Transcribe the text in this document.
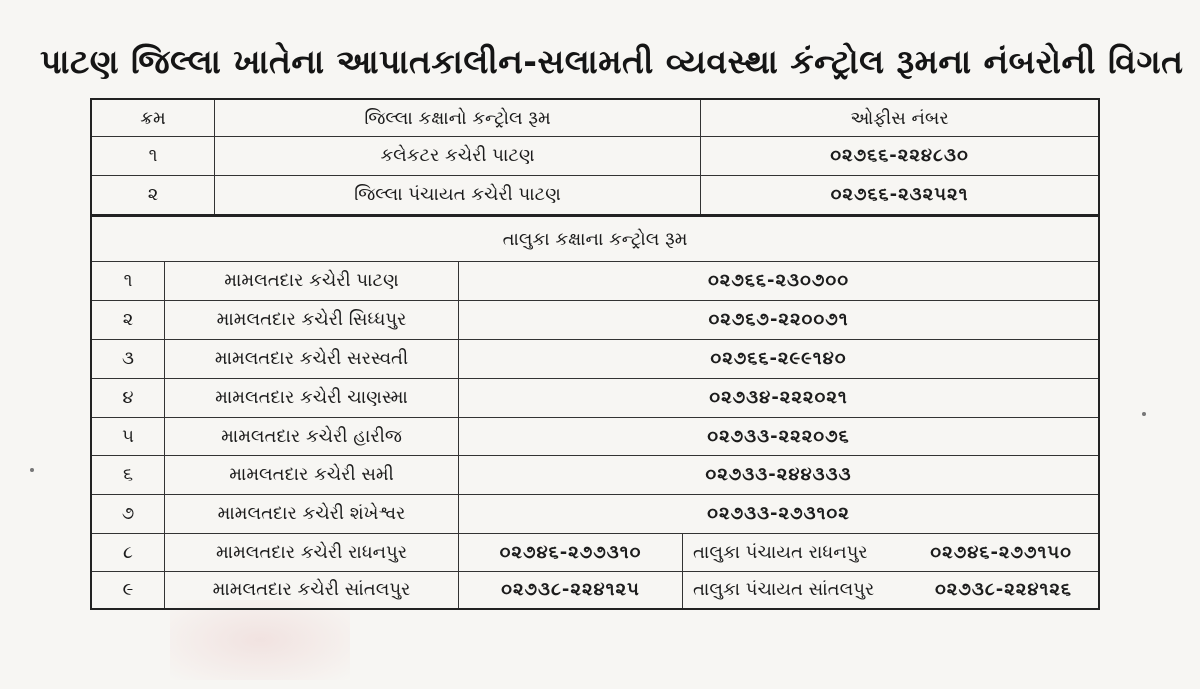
પાટણ જિલ્લા ખાતેના આપાતકાલીન-સલામતી વ્યવસ્થા કંન્ટ્રોલ રૂમના નંબરોની વિગત
ક્રમ	જિલ્લા કક્ષાનો કન્ટ્રોલ રૂમ	ઓફીસ નંબર
૧	કલેકટર કચેરી પાટણ	૦૨૭૬૬-૨૨૪૮૩૦
૨	જિલ્લા પંચાયત કચેરી પાટણ	૦૨૭૬૬-૨૩૨૫૨૧
તાલુકા કક્ષાના કન્ટ્રોલ રૂમ
૧	મામલતદાર કચેરી પાટણ	૦૨૭૬૬-૨૩૦૭૦૦
૨	મામલતદાર કચેરી સિધ્ધપુર	૦૨૭૬૭-૨૨૦૦૭૧
૩	મામલતદાર કચેરી સરસ્વતી	૦૨૭૬૬-૨૯૯૧૪૦
૪	મામલતદાર કચેરી ચાણસ્મા	૦૨૭૩૪-૨૨૨૦૨૧
૫	મામલતદાર કચેરી હારીજ	૦૨૭૩૩-૨૨૨૦૭૬
૬	મામલતદાર કચેરી સમી	૦૨૭૩૩-૨૪૪૩૩૩
૭	મામલતદાર કચેરી શંખેશ્વર	૦૨૭૩૩-૨૭૩૧૦૨
૮	મામલતદાર કચેરી રાધનપુર	૦૨૭૪૬-૨૭૭૩૧૦	તાલુકા પંચાયત રાધનપુર	૦૨૭૪૬-૨૭૭૧૫૦
૯	મામલતદાર કચેરી સાંતલપુર	૦૨૭૩૮-૨૨૪૧૨૫	તાલુકા પંચાયત સાંતલપુર	૦૨૭૩૮-૨૨૪૧૨૬
